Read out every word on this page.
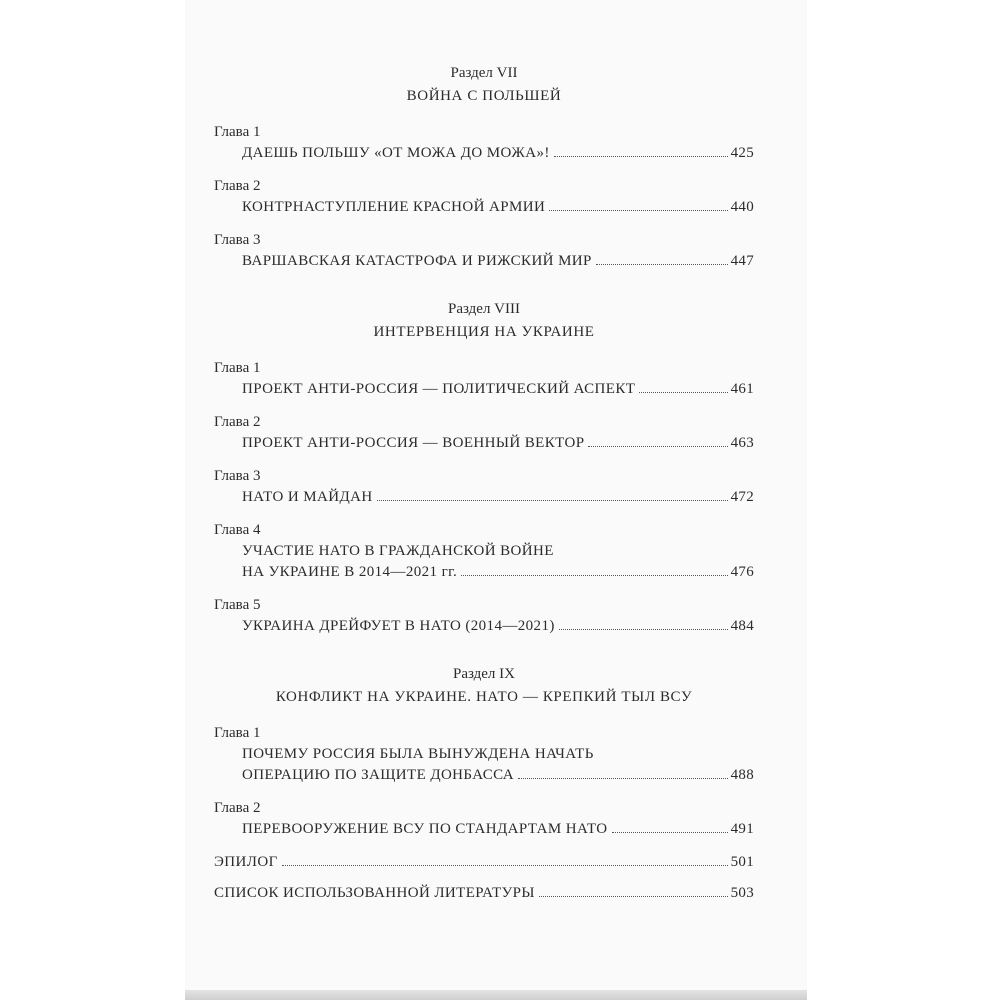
Раздел VII
ВОЙНА С ПОЛЬШЕЙ
Глава 1
ДАЕШЬ ПОЛЬШУ «ОТ МОЖА ДО МОЖА»!	425
Глава 2
КОНТРНАСТУПЛЕНИЕ КРАСНОЙ АРМИИ	440
Глава 3
ВАРШАВСКАЯ КАТАСТРОФА И РИЖСКИЙ МИР	447
Раздел VIII
ИНТЕРВЕНЦИЯ НА УКРАИНЕ
Глава 1
ПРОЕКТ АНТИ-РОССИЯ — ПОЛИТИЧЕСКИЙ АСПЕКТ	461
Глава 2
ПРОЕКТ АНТИ-РОССИЯ — ВОЕННЫЙ ВЕКТОР	463
Глава 3
НАТО И МАЙДАН	472
Глава 4
УЧАСТИЕ НАТО В ГРАЖДАНСКОЙ ВОЙНЕ
НА УКРАИНЕ В 2014—2021 гг.	476
Глава 5
УКРАИНА ДРЕЙФУЕТ В НАТО (2014—2021)	484
Раздел IX
КОНФЛИКТ НА УКРАИНЕ. НАТО — КРЕПКИЙ ТЫЛ ВСУ
Глава 1
ПОЧЕМУ РОССИЯ БЫЛА ВЫНУЖДЕНА НАЧАТЬ
ОПЕРАЦИЮ ПО ЗАЩИТЕ ДОНБАССА	488
Глава 2
ПЕРЕВООРУЖЕНИЕ ВСУ ПО СТАНДАРТАМ НАТО	491
ЭПИЛОГ	501
СПИСОК ИСПОЛЬЗОВАННОЙ ЛИТЕРАТУРЫ	503
